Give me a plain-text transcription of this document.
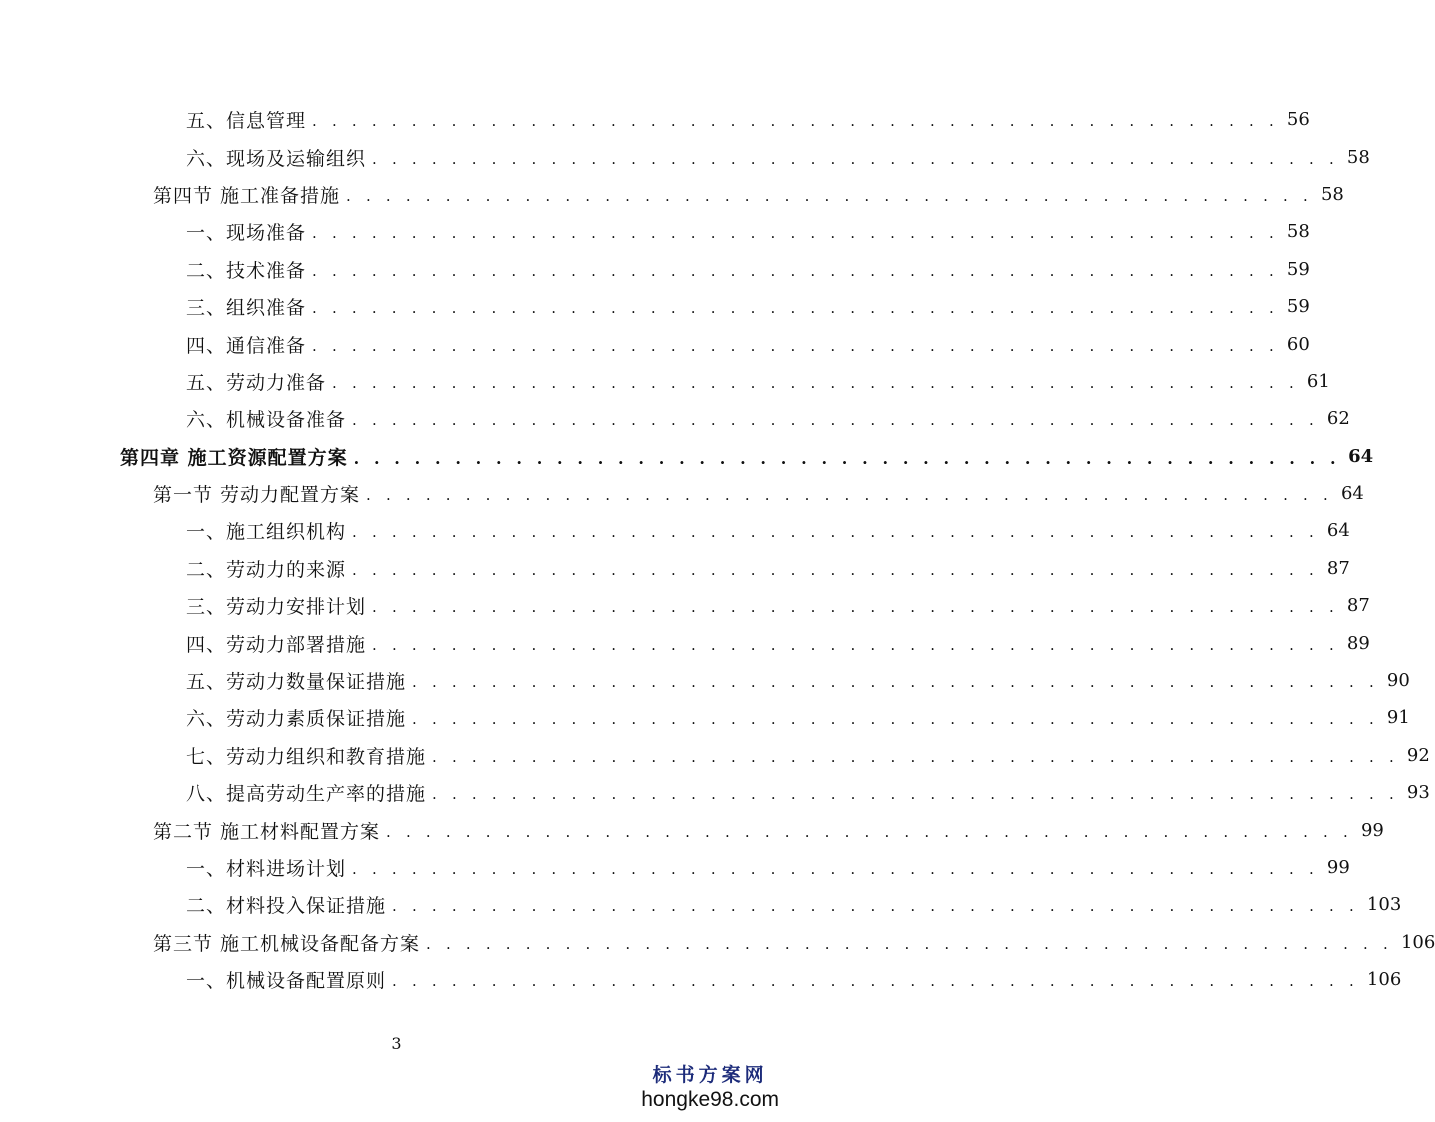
五、信息管理 . . . . . . . . . . . . . . . . . . . . . . . . . . . . . . . . . . . . . . . . . . . . . . . . . 56
六、现场及运输组织 . . . . . . . . . . . . . . . . . . . . . . . . . . . . . . . . . . . . . . . . . . . . . . . . . 58
第四节 施工准备措施 . . . . . . . . . . . . . . . . . . . . . . . . . . . . . . . . . . . . . . . . . . . . . . . . . 58
一、现场准备 . . . . . . . . . . . . . . . . . . . . . . . . . . . . . . . . . . . . . . . . . . . . . . . . . 58
二、技术准备 . . . . . . . . . . . . . . . . . . . . . . . . . . . . . . . . . . . . . . . . . . . . . . . . . 59
三、组织准备 . . . . . . . . . . . . . . . . . . . . . . . . . . . . . . . . . . . . . . . . . . . . . . . . . 59
四、通信准备 . . . . . . . . . . . . . . . . . . . . . . . . . . . . . . . . . . . . . . . . . . . . . . . . . 60
五、劳动力准备 . . . . . . . . . . . . . . . . . . . . . . . . . . . . . . . . . . . . . . . . . . . . . . . . . 61
六、机械设备准备 . . . . . . . . . . . . . . . . . . . . . . . . . . . . . . . . . . . . . . . . . . . . . . . . . 62
第四章 施工资源配置方案 . . . . . . . . . . . . . . . . . . . . . . . . . . . . . . . . . . . . . . . . . . . . . . . . . 64
第一节 劳动力配置方案 . . . . . . . . . . . . . . . . . . . . . . . . . . . . . . . . . . . . . . . . . . . . . . . . . 64
一、施工组织机构 . . . . . . . . . . . . . . . . . . . . . . . . . . . . . . . . . . . . . . . . . . . . . . . . . 64
二、劳动力的来源 . . . . . . . . . . . . . . . . . . . . . . . . . . . . . . . . . . . . . . . . . . . . . . . . . 87
三、劳动力安排计划 . . . . . . . . . . . . . . . . . . . . . . . . . . . . . . . . . . . . . . . . . . . . . . . . . 87
四、劳动力部署措施 . . . . . . . . . . . . . . . . . . . . . . . . . . . . . . . . . . . . . . . . . . . . . . . . . 89
五、劳动力数量保证措施 . . . . . . . . . . . . . . . . . . . . . . . . . . . . . . . . . . . . . . . . . . . . . . . . . 90
六、劳动力素质保证措施 . . . . . . . . . . . . . . . . . . . . . . . . . . . . . . . . . . . . . . . . . . . . . . . . . 91
七、劳动力组织和教育措施 . . . . . . . . . . . . . . . . . . . . . . . . . . . . . . . . . . . . . . . . . . . . . . . . . 92
八、提高劳动生产率的措施 . . . . . . . . . . . . . . . . . . . . . . . . . . . . . . . . . . . . . . . . . . . . . . . . . 93
第二节 施工材料配置方案 . . . . . . . . . . . . . . . . . . . . . . . . . . . . . . . . . . . . . . . . . . . . . . . . . 99
一、材料进场计划 . . . . . . . . . . . . . . . . . . . . . . . . . . . . . . . . . . . . . . . . . . . . . . . . . 99
二、材料投入保证措施 . . . . . . . . . . . . . . . . . . . . . . . . . . . . . . . . . . . . . . . . . . . . . . . . . 103
第三节 施工机械设备配备方案 . . . . . . . . . . . . . . . . . . . . . . . . . . . . . . . . . . . . . . . . . . . . . . . . . 106
一、机械设备配置原则 . . . . . . . . . . . . . . . . . . . . . . . . . . . . . . . . . . . . . . . . . . . . . . . . . 106
3
标书方案网
hongke98.com
